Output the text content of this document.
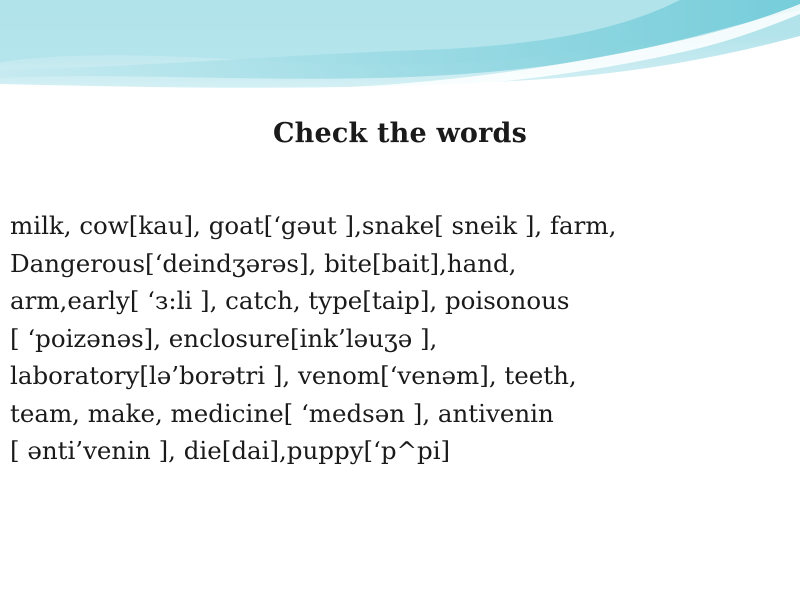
Check the words
milk, cow[kau], goat[‘gəut ],snake[ sneik ], farm,
Dangerous[‘deindʒərəs], bite[bait],hand,
arm,early[ ‘з:li ], catch, type[taip], poisonous
[ ‘poizənəs], enclosure[ink’ləuʒə ],
laboratory[lə’borətri ], venom[‘venəm], teeth,
team, make, medicine[ ‘medsən ], antivenin
[ ənti’venin ], die[dai],puppy[‘p^pi]
